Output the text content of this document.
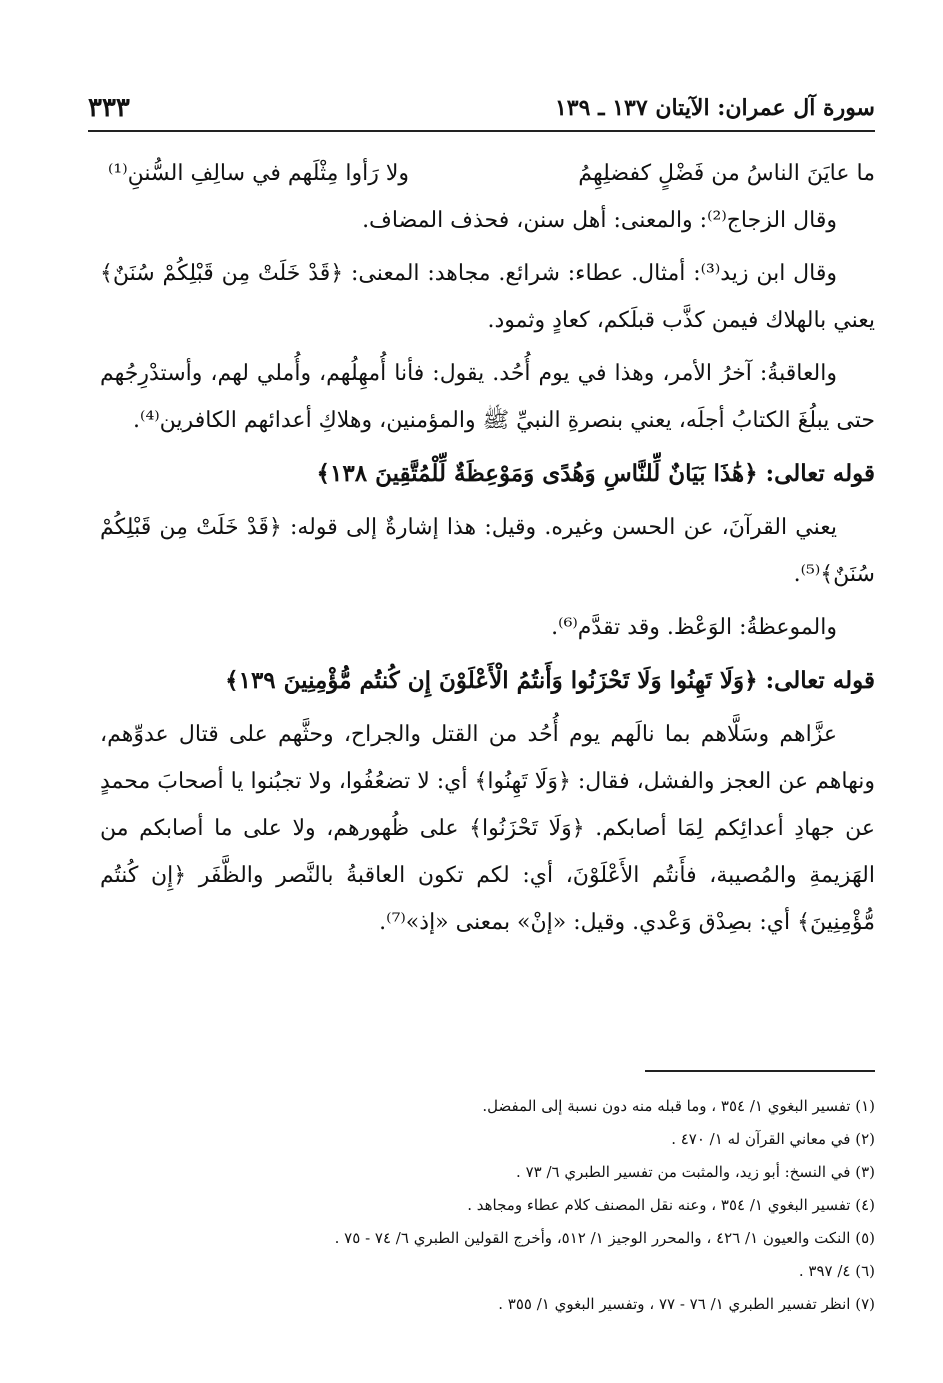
سورة آل عمران: الآيتان ١٣٧ ـ ١٣٩
٣٣٣
ما عايَنَ الناسُ من فَضْلٍ كفضلِهِمُ
ولا رَأوا مِثْلَهم في سالِفِ السُّننِ⁽¹⁾

وقال الزجاج⁽²⁾: والمعنى: أهل سنن، فحذف المضاف.

وقال ابن زيد⁽³⁾: أمثال. عطاء: شرائع. مجاهد: المعنى: ﴿قَدْ خَلَتْ مِن قَبْلِكُمْ سُنَنٌ﴾ يعني بالهلاك فيمن كذَّب قبلَكم، كعادٍ وثمود.

والعاقبةُ: آخرُ الأمر، وهذا في يوم أُحُد. يقول: فأنا أُمهِلُهم، وأُملي لهم، وأستدْرِجُهم حتى يبلُغَ الكتابُ أجلَه، يعني بنصرةِ النبيِّ ﷺ والمؤمنين، وهلاكِ أعدائهم الكافرين⁽⁴⁾.

قوله تعالى: ﴿هَٰذَا بَيَانٌ لِّلنَّاسِ وَهُدًى وَمَوْعِظَةٌ لِّلْمُتَّقِينَ ١٣٨﴾

يعني القرآنَ، عن الحسن وغيره. وقيل: هذا إشارةٌ إلى قوله: ﴿قَدْ خَلَتْ مِن قَبْلِكُمْ سُنَنٌ﴾⁽⁵⁾.

والموعظةُ: الوَعْظ. وقد تقدَّم⁽⁶⁾.

قوله تعالى: ﴿وَلَا تَهِنُوا وَلَا تَحْزَنُوا وَأَنتُمُ الْأَعْلَوْنَ إِن كُنتُم مُّؤْمِنِينَ ١٣٩﴾

عزَّاهم وسَلَّاهم بما نالَهم يوم أُحُد من القتل والجراح، وحثَّهم على قتال عدوِّهم، ونهاهم عن العجز والفشل، فقال: ﴿وَلَا تَهِنُوا﴾ أي: لا تضعُفُوا، ولا تجبُنوا يا أصحابَ محمدٍ عن جهادِ أعدائِكم لِمَا أصابكم. ﴿وَلَا تَحْزَنُوا﴾ على ظُهورهم، ولا على ما أصابكم من الهَزيمةِ والمُصيبة، فأَنتُم الأَعْلَوْنَ، أي: لكم تكون العاقبةُ بالنَّصر والظَّفَر ﴿إِن كُنتُم مُّؤْمِنِينَ﴾ أي: بصِدْق وَعْدي. وقيل: «إنْ» بمعنى «إذ»⁽⁷⁾.

(١) تفسير البغوي ١/ ٣٥٤ ، وما قبله منه دون نسبة إلى المفضل.
(٢) في معاني القرآن له ١/ ٤٧٠ .
(٣) في النسخ: أبو زيد، والمثبت من تفسير الطبري ٦/ ٧٣ .
(٤) تفسير البغوي ١/ ٣٥٤ ، وعنه نقل المصنف كلام عطاء ومجاهد .
(٥) النكت والعيون ١/ ٤٢٦ ، والمحرر الوجيز ١/ ٥١٢، وأخرج القولين الطبري ٦/ ٧٤ - ٧٥ .
(٦) ٤/ ٣٩٧ .
(٧) انظر تفسير الطبري ١/ ٧٦ - ٧٧ ، وتفسير البغوي ١/ ٣٥٥ .
